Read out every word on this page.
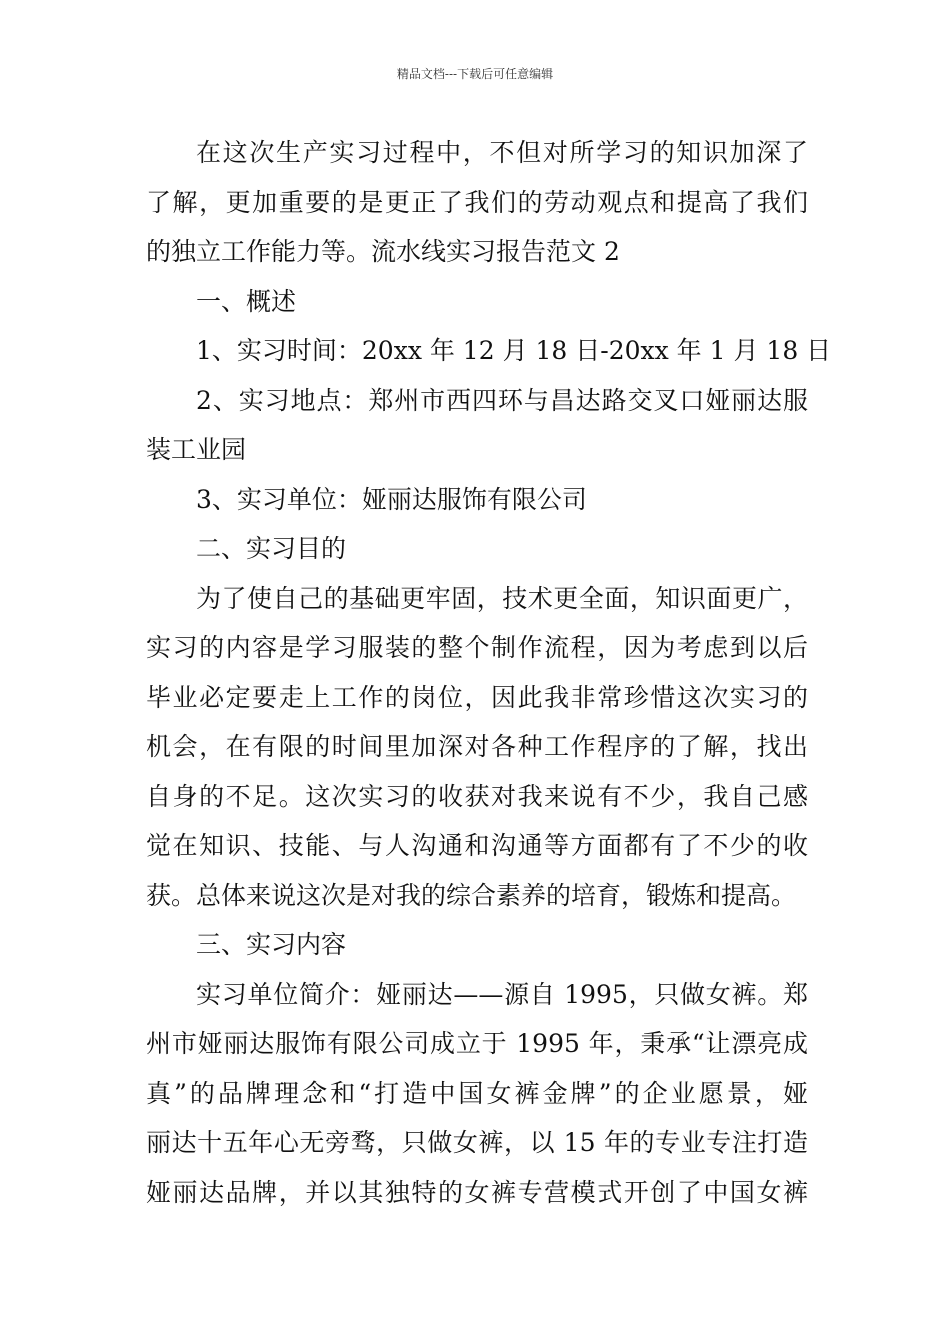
精品文档---下载后可任意编辑
在这次生产实习过程中，不但对所学习的知识加深了
了解，更加重要的是更正了我们的劳动观点和提高了我们
的独立工作能力等。流水线实习报告范文 2
一、概述
1、实习时间：20xx 年 12 月 18 日-20xx 年 1 月 18 日
2、实习地点：郑州市西四环与昌达路交叉口娅丽达服
装工业园
3、实习单位：娅丽达服饰有限公司
二、实习目的
为了使自己的基础更牢固，技术更全面，知识面更广，
实习的内容是学习服装的整个制作流程，因为考虑到以后
毕业必定要走上工作的岗位，因此我非常珍惜这次实习的
机会，在有限的时间里加深对各种工作程序的了解，找出
自身的不足。这次实习的收获对我来说有不少，我自己感
觉在知识、技能、与人沟通和沟通等方面都有了不少的收
获。总体来说这次是对我的综合素养的培育，锻炼和提高。
三、实习内容
实习单位简介：娅丽达——源自 1995，只做女裤。郑
州市娅丽达服饰有限公司成立于 1995 年，秉承“让漂亮成
真”的品牌理念和“打造中国女裤金牌”的企业愿景，娅
丽达十五年心无旁骛，只做女裤，以 15 年的专业专注打造
娅丽达品牌，并以其独特的女裤专营模式开创了中国女裤
